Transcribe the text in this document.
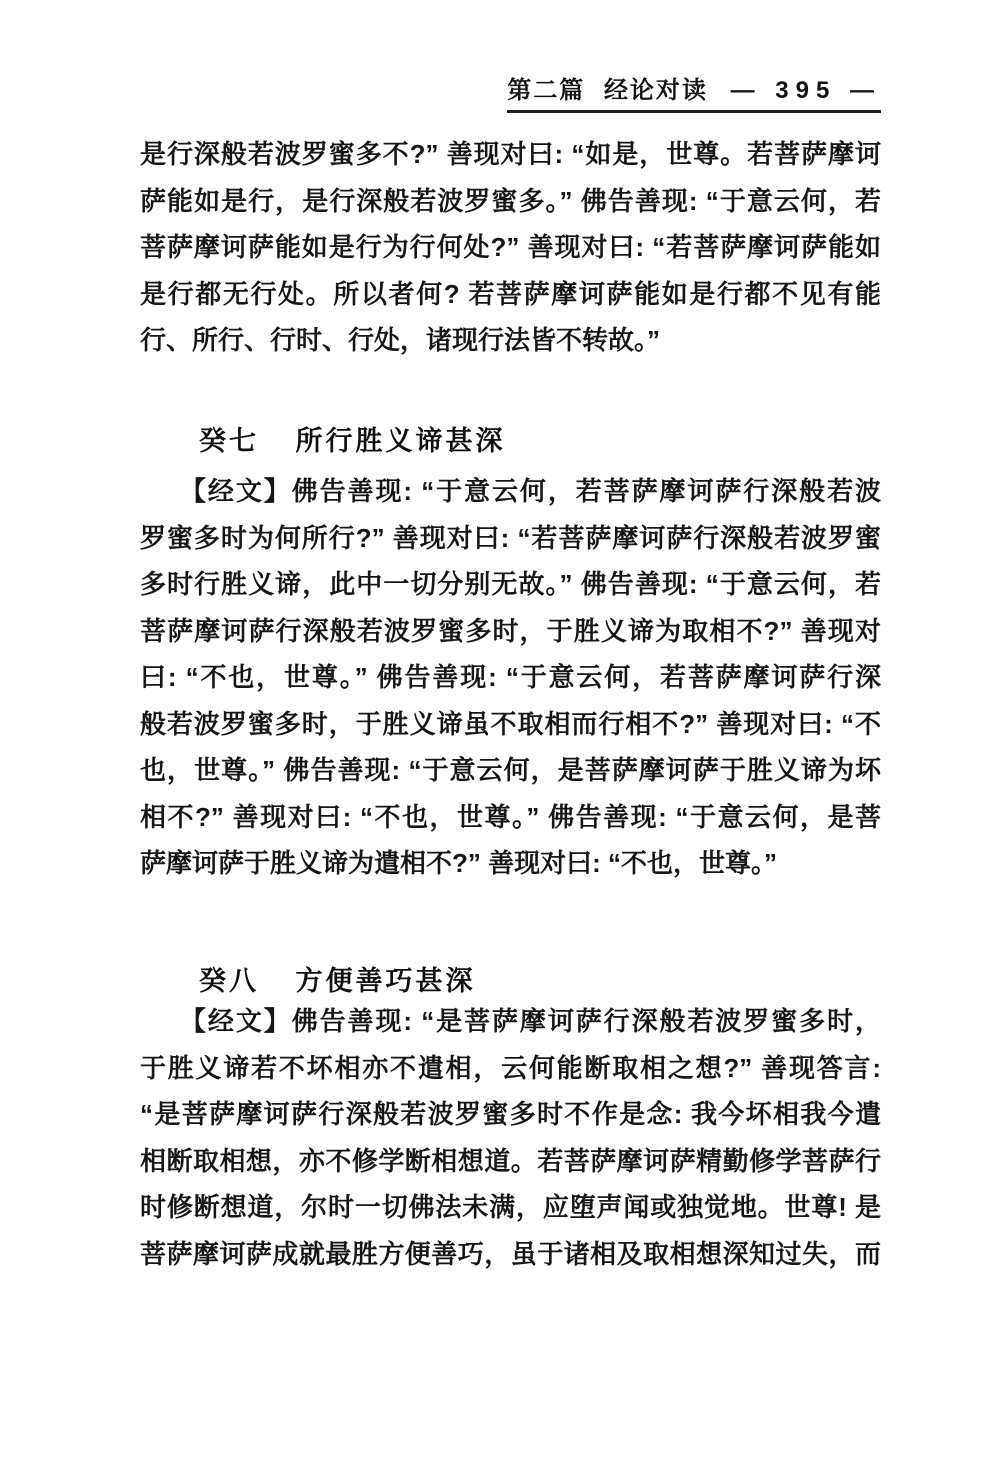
第二篇 经论对读 — 395 —
是行深般若波罗蜜多不?” 善现对曰: “如是，世尊。若菩萨摩诃
萨能如是行，是行深般若波罗蜜多。” 佛告善现: “于意云何，若
菩萨摩诃萨能如是行为行何处?” 善现对曰: “若菩萨摩诃萨能如
是行都无行处。所以者何? 若菩萨摩诃萨能如是行都不见有能
行、所行、行时、行处，诸现行法皆不转故。”
癸七 所行胜义谛甚深
【经文】佛告善现: “于意云何，若菩萨摩诃萨行深般若波
罗蜜多时为何所行?” 善现对曰: “若菩萨摩诃萨行深般若波罗蜜
多时行胜义谛，此中一切分别无故。” 佛告善现: “于意云何，若
菩萨摩诃萨行深般若波罗蜜多时，于胜义谛为取相不?” 善现对
曰: “不也，世尊。” 佛告善现: “于意云何，若菩萨摩诃萨行深
般若波罗蜜多时，于胜义谛虽不取相而行相不?” 善现对曰: “不
也，世尊。” 佛告善现: “于意云何，是菩萨摩诃萨于胜义谛为坏
相不?” 善现对曰: “不也，世尊。” 佛告善现: “于意云何，是菩
萨摩诃萨于胜义谛为遣相不?” 善现对曰: “不也，世尊。”
癸八 方便善巧甚深
【经文】佛告善现: “是菩萨摩诃萨行深般若波罗蜜多时，
于胜义谛若不坏相亦不遣相，云何能断取相之想?” 善现答言:
“是菩萨摩诃萨行深般若波罗蜜多时不作是念: 我今坏相我今遣
相断取相想，亦不修学断相想道。若菩萨摩诃萨精勤修学菩萨行
时修断想道，尔时一切佛法未满，应堕声闻或独觉地。世尊! 是
菩萨摩诃萨成就最胜方便善巧，虽于诸相及取相想深知过失，而
